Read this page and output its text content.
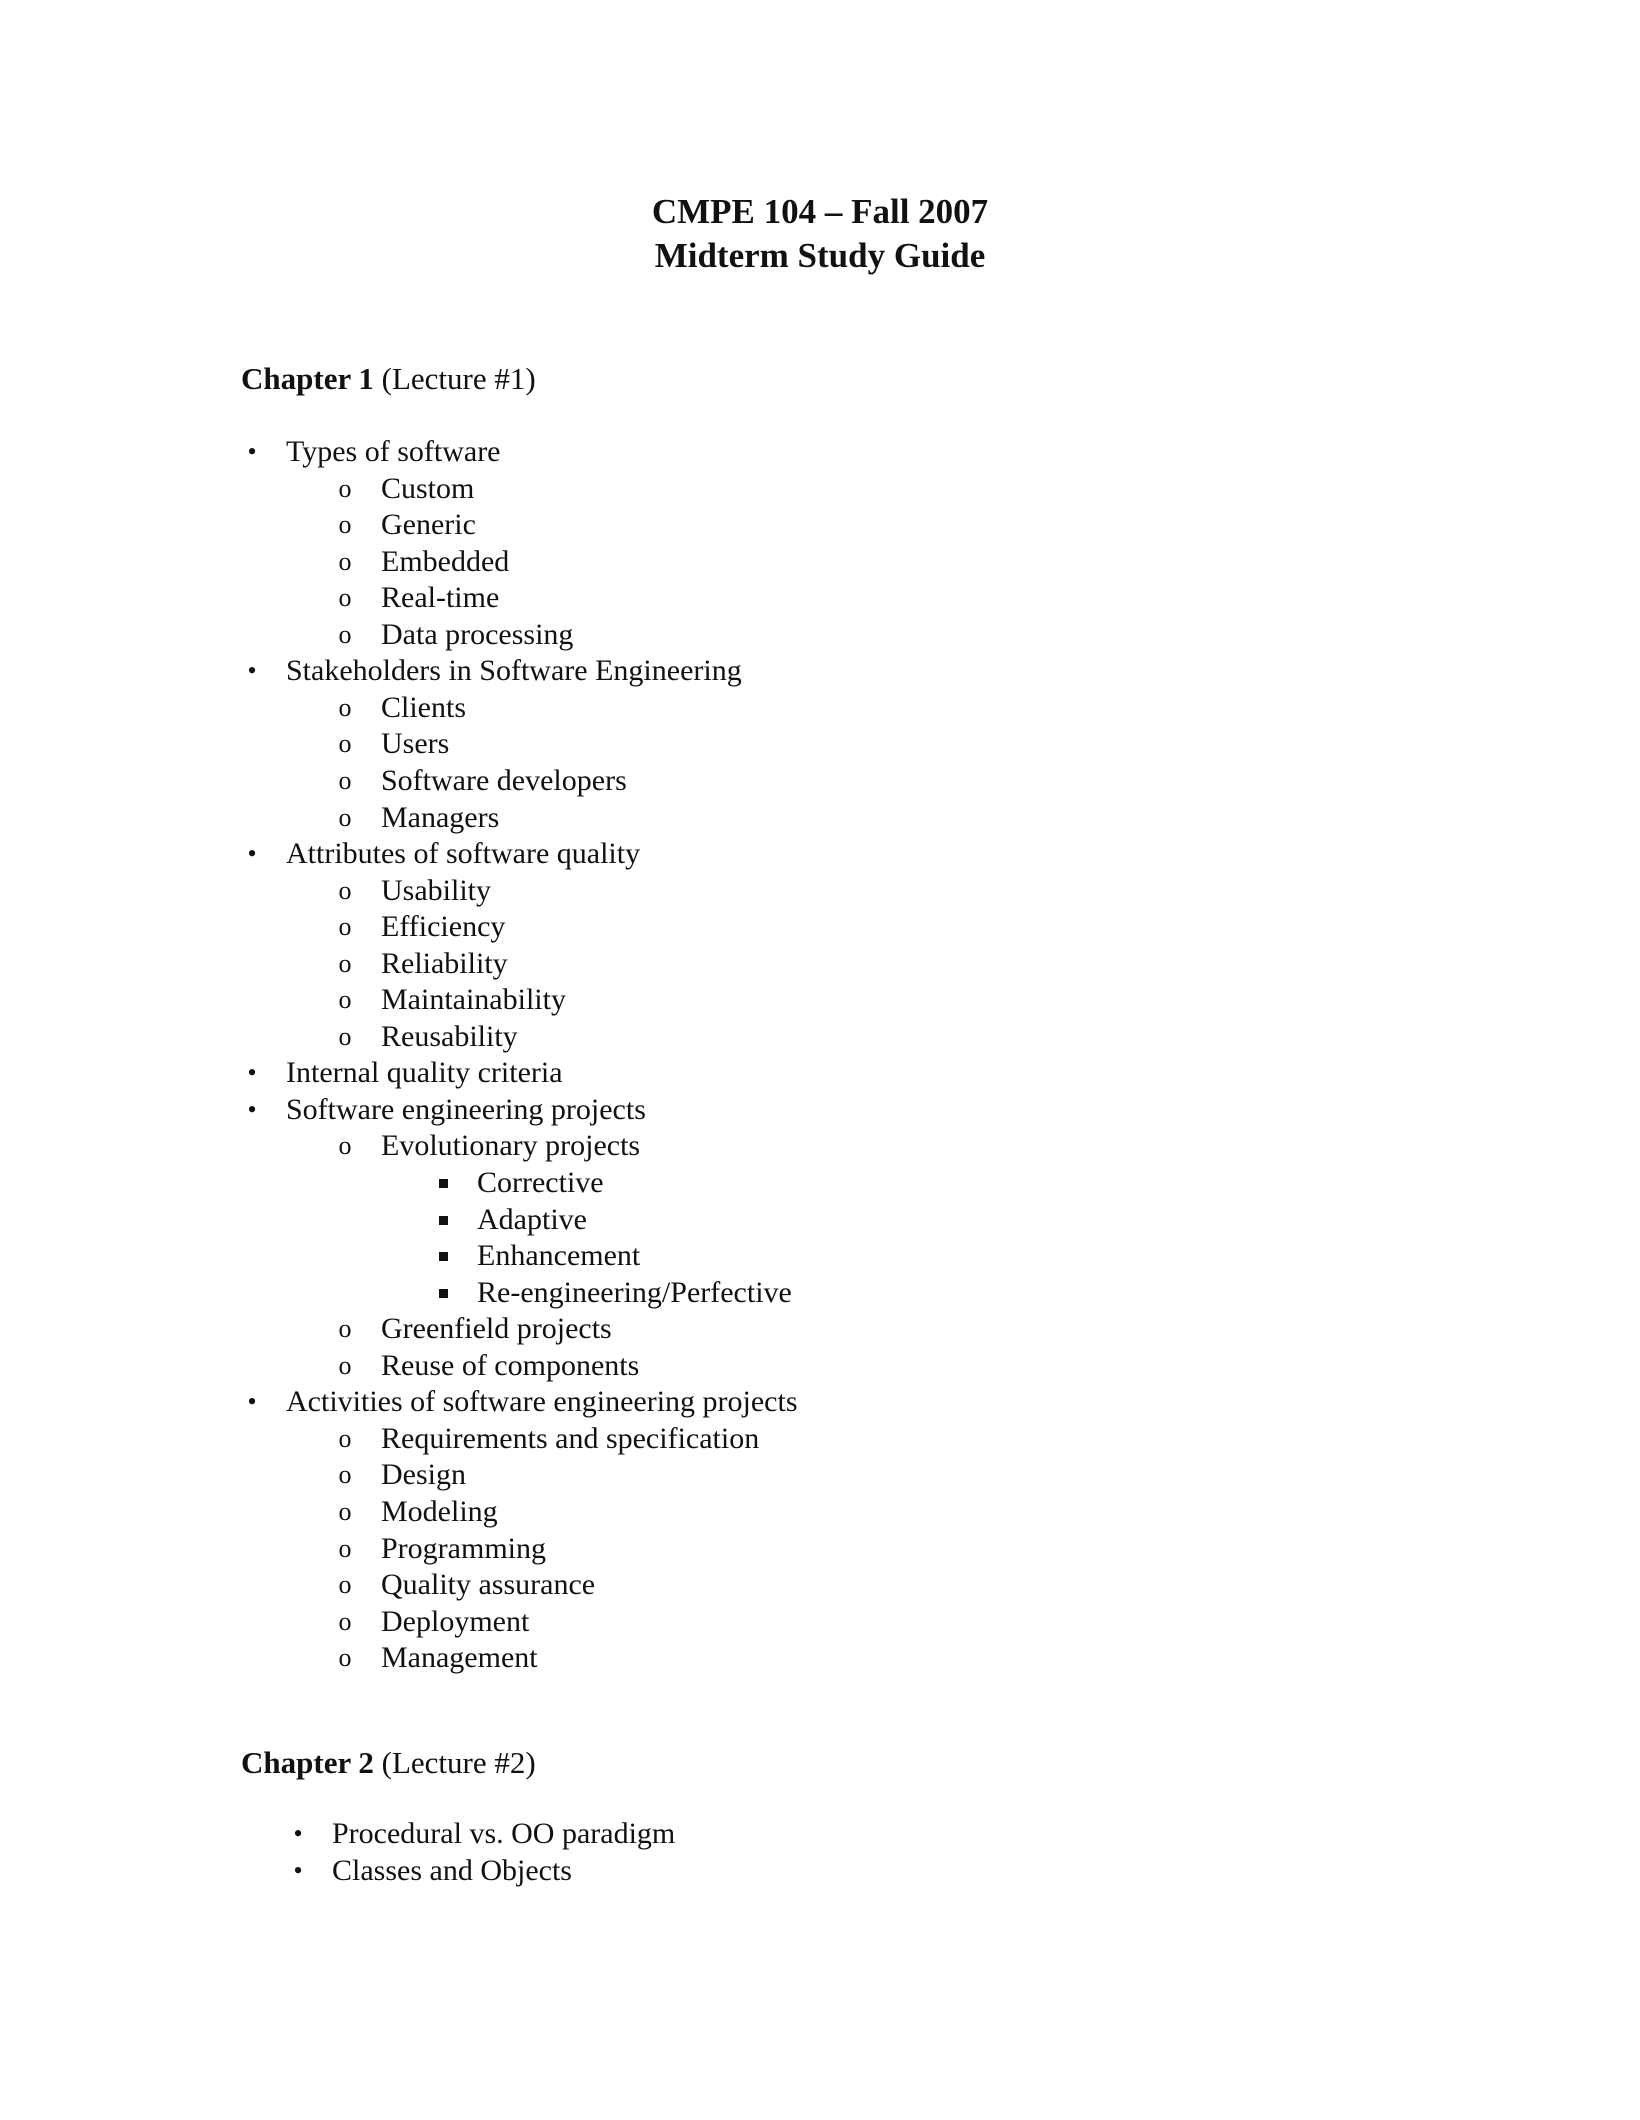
CMPE 104 – Fall 2007
Midterm Study Guide

Chapter 1 (Lecture #1)

• Types of software
o Custom
o Generic
o Embedded
o Real-time
o Data processing
• Stakeholders in Software Engineering
o Clients
o Users
o Software developers
o Managers
• Attributes of software quality
o Usability
o Efficiency
o Reliability
o Maintainability
o Reusability
• Internal quality criteria
• Software engineering projects
o Evolutionary projects
Corrective
Adaptive
Enhancement
Re-engineering/Perfective
o Greenfield projects
o Reuse of components
• Activities of software engineering projects
o Requirements and specification
o Design
o Modeling
o Programming
o Quality assurance
o Deployment
o Management

Chapter 2 (Lecture #2)

• Procedural vs. OO paradigm
• Classes and Objects
